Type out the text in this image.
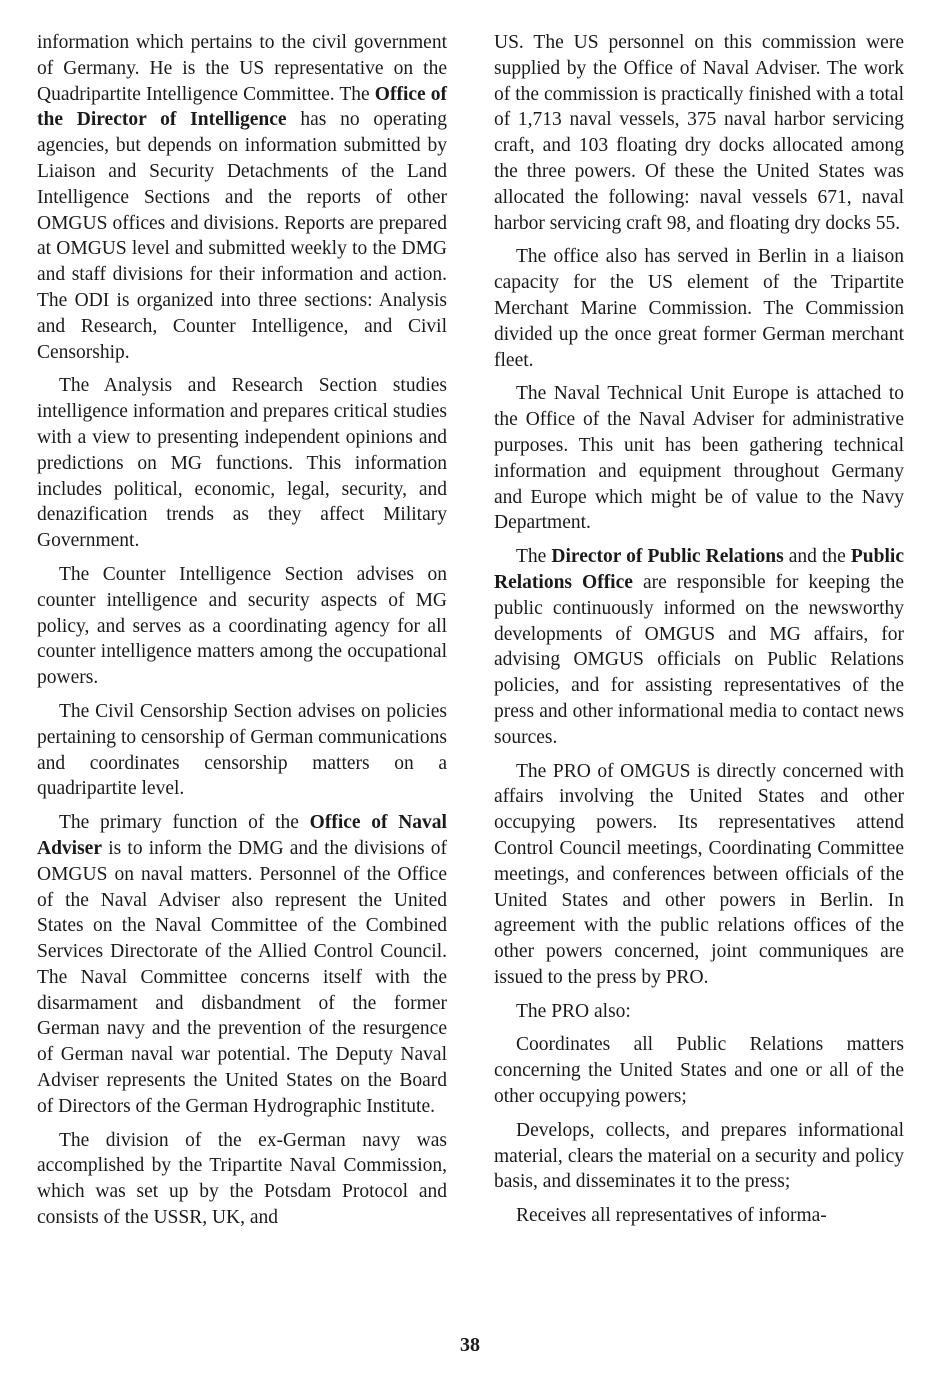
information which pertains to the civil government of Germany. He is the US representative on the Quadripartite Intelligence Committee. The Office of the Director of Intelligence has no operating agencies, but depends on information submitted by Liaison and Security Detachments of the Land Intelligence Sections and the reports of other OMGUS offices and divisions. Reports are prepared at OMGUS level and submitted weekly to the DMG and staff divisions for their information and action. The ODI is organized into three sections: Analysis and Research, Counter Intelligence, and Civil Censorship.

The Analysis and Research Section studies intelligence information and prepares critical studies with a view to presenting independent opinions and predictions on MG functions. This information includes political, economic, legal, security, and denazification trends as they affect Military Government.

The Counter Intelligence Section advises on counter intelligence and security aspects of MG policy, and serves as a coordinating agency for all counter intelligence matters among the occupational powers.

The Civil Censorship Section advises on policies pertaining to censorship of German communications and coordinates censorship matters on a quadripartite level.

The primary function of the Office of Naval Adviser is to inform the DMG and the divisions of OMGUS on naval matters. Personnel of the Office of the Naval Adviser also represent the United States on the Naval Committee of the Combined Services Directorate of the Allied Control Council. The Naval Committee concerns itself with the disarmament and disbandment of the former German navy and the prevention of the resurgence of German naval war potential. The Deputy Naval Adviser represents the United States on the Board of Directors of the German Hydrographic Institute.

The division of the ex-German navy was accomplished by the Tripartite Naval Commission, which was set up by the Potsdam Protocol and consists of the USSR, UK, and

US. The US personnel on this commission were supplied by the Office of Naval Adviser. The work of the commission is practically finished with a total of 1,713 naval vessels, 375 naval harbor servicing craft, and 103 floating dry docks allocated among the three powers. Of these the United States was allocated the following: naval vessels 671, naval harbor servicing craft 98, and floating dry docks 55.

The office also has served in Berlin in a liaison capacity for the US element of the Tripartite Merchant Marine Commission. The Commission divided up the once great former German merchant fleet.

The Naval Technical Unit Europe is attached to the Office of the Naval Adviser for administrative purposes. This unit has been gathering technical information and equipment throughout Germany and Europe which might be of value to the Navy Department.

The Director of Public Relations and the Public Relations Office are responsible for keeping the public continuously informed on the newsworthy developments of OMGUS and MG affairs, for advising OMGUS officials on Public Relations policies, and for assisting representatives of the press and other informational media to contact news sources.

The PRO of OMGUS is directly concerned with affairs involving the United States and other occupying powers. Its representatives attend Control Council meetings, Coordinating Committee meetings, and conferences between officials of the United States and other powers in Berlin. In agreement with the public relations offices of the other powers concerned, joint communiques are issued to the press by PRO.

The PRO also:

Coordinates all Public Relations matters concerning the United States and one or all of the other occupying powers;

Develops, collects, and prepares informational material, clears the material on a security and policy basis, and disseminates it to the press;

Receives all representatives of informa-

38
